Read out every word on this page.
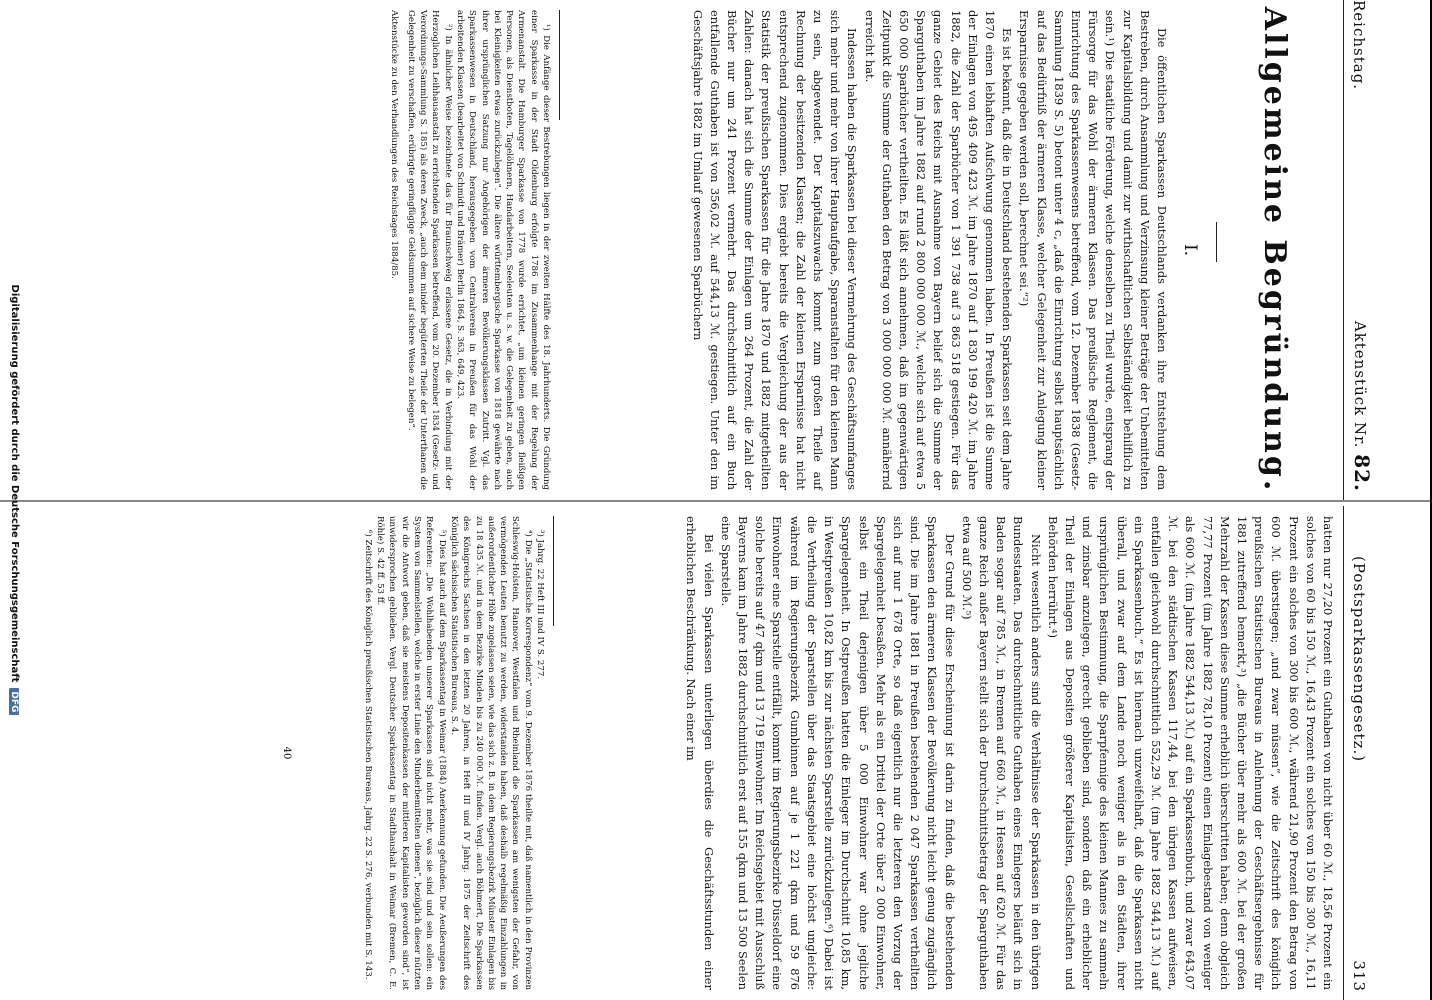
Reichstag.
Aktenstück Nr. 82.
Allgemeine Begründung.
I.

Die öffentlichen Sparkassen Deutschlands verdanken ihre Entstehung dem Bestreben, durch Ansammlung und Verzinsung kleiner Beträge der Unbemittelten zur Kapitalsbildung und damit zur wirthschaftlichen Selbständigkeit behilflich zu sein.¹) Die staatliche Förderung, welche denselben zu Theil wurde, entsprang der Fürsorge für das Wohl der ärmeren Klassen. Das preußische Reglement, die Einrichtung des Sparkassenwesens betreffend, vom 12. Dezember 1838 (Gesetz-Sammlung 1839 S. 5) betont unter 4 c, „daß die Einrichtung selbst hauptsächlich auf das Bedürfniß der ärmeren Klasse, welcher Gelegenheit zur Anlegung kleiner Ersparnisse gegeben werden soll, berechnet sei.“²)

Es ist bekannt, daß die in Deutschland bestehenden Sparkassen seit dem Jahre 1870 einen lebhaften Aufschwung genommen haben. In Preußen ist die Summe der Einlagen von 495 409 423 ℳ. im Jahre 1870 auf 1 830 199 420 ℳ. im Jahre 1882, die Zahl der Sparbücher von 1 391 738 auf 3 863 518 gestiegen. Für das ganze Gebiet des Reichs mit Ausnahme von Bayern belief sich die Summe der Sparguthaben im Jahre 1882 auf rund 2 800 000 000 ℳ., welche sich auf etwa 5 650 000 Sparbücher vertheilten. Es läßt sich annehmen, daß im gegenwärtigen Zeitpunkt die Summe der Guthaben den Betrag von 3 000 000 000 ℳ. annähernd erreicht hat.

Indessen haben die Sparkassen bei dieser Vermehrung des Geschäftsumfanges sich mehr und mehr von ihrer Hauptaufgabe, Sparanstalten für den kleinen Mann zu sein, abgewendet. Der Kapitalszuwachs kommt zum großen Theile auf Rechnung der besitzenden Klassen; die Zahl der kleinen Ersparnisse hat nicht entsprechend zugenommen. Dies ergiebt bereits die Vergleichung der aus der Statistik der preußischen Sparkassen für die Jahre 1870 und 1882 mitgetheilten Zahlen: danach hat sich die Summe der Einlagen um 264 Prozent, die Zahl der Bücher nur um 241 Prozent vermehrt. Das durchschnittlich auf ein Buch entfallende Guthaben ist von 356,02 ℳ. auf 544,13 ℳ. gestiegen. Unter den im Geschäftsjahre 1882 im Umlauf gewesenen Sparbüchern

¹) Die Anfänge dieser Bestrebungen liegen in der zweiten Hälfte des 18. Jahrhunderts. Die Gründung einer Sparkasse in der Stadt Oldenburg erfolgte 1786 im Zusammenhange mit der Regelung der Armenanstalt. Die Hamburger Sparkasse von 1778 wurde errichtet, „um kleinen geringen fleißigen Personen, als Dienstboten, Tagelöhnern, Handarbeitern, Seeleuten u. s. w. die Gelegenheit zu geben, auch bei Kleinigkeiten etwas zurückzulegen“. Die ältere württembergische Sparkasse von 1818 gewährte nach ihrer ursprünglichen Satzung nur Angehörigen der ärmeren Bevölkerungsklassen Zutritt. Vgl. das Sparkassenwesen in Deutschland, herausgegeben vom Centralverein in Preußen für das Wohl der arbeitenden Klassen (bearbeitet von Schmidt und Brämer) Berlin 1864, S. 363, 649, 423.

²) In ähnlicher Weise bezeichnete das für Braunschweig erlassene Gesetz, die in Verbindung mit der Herzoglichen Leihhausanstalt zu errichtenden Sparkassen betreffend, vom 20. Dezember 1834 (Gesetz- und Verordnungs-Sammlung S. 185) als deren Zweck, „auch dem minder begüterten Theile der Unterthanen die Gelegenheit zu verschaffen, erübrigte geringfügige Geldsummen auf sichere Weise zu belegen“.

Aktenstücke zu den Verhandlungen des Reichstages 1884/85.

(Postsparkassengesetz.)
313

hatten nur 27,20 Prozent ein Guthaben von nicht über 60 ℳ., 18,56 Prozent ein solches von 60 bis 150 ℳ., 16,43 Prozent ein solches von 150 bis 300 ℳ., 16,11 Prozent ein solches von 300 bis 600 ℳ., während 21,90 Prozent den Betrag von 600 ℳ. überstiegen; „und zwar müssen“, wie die Zeitschrift des königlich preußischen Statistischen Bureaus in Anlehnung der Geschäftsergebnisse für 1881 zutreffend bemerkt,³) „die Bücher über mehr als 600 ℳ. bei der großen Mehrzahl der Kassen diese Summe erheblich überschritten haben; denn obgleich 77,77 Prozent (im Jahre 1882 78,10 Prozent) einen Einlagebestand von weniger als 600 ℳ. (im Jahre 1882 544,13 ℳ.) auf ein Sparkassenbuch, und zwar 643,07 ℳ. bei den städtischen Kassen 117,44, bei den übrigen Kassen aufweisen, entfallen gleichwohl durchschnittlich 552,29 ℳ. (im Jahre 1882 544,13 ℳ.) auf ein Sparkassenbuch.“ Es ist hiernach unzweifelhaft, daß die Sparkassen nicht überall, und zwar auf dem Lande noch weniger als in den Städten, ihrer ursprünglichen Bestimmung, die Sparpfennige des kleinen Mannes zu sammeln und zinsbar anzulegen, gerecht geblieben sind, sondern daß ein erheblicher Theil der Einlagen aus Depositen größerer Kapitalisten, Gesellschaften und Behörden herrührt.⁴)

Nicht wesentlich anders sind die Verhältnisse der Sparkassen in den übrigen Bundesstaaten. Das durchschnittliche Guthaben eines Einlegers beläuft sich in Baden sogar auf 785 ℳ., in Bremen auf 660 ℳ., in Hessen auf 620 ℳ. Für das ganze Reich außer Bayern stellt sich der Durchschnittsbetrag der Sparguthaben etwa auf 500 ℳ.⁵)

Der Grund für diese Erscheinung ist darin zu finden, daß die bestehenden Sparkassen den ärmeren Klassen der Bevölkerung nicht leicht genug zugänglich sind. Die im Jahre 1881 in Preußen bestehenden 2 047 Sparkassen vertheilten sich auf nur 1 678 Orte, so daß eigentlich nur die letzteren den Vorzug der Spargelegenheit besaßen. Mehr als ein Drittel der Orte über 2 000 Einwohner, selbst ein Theil derjenigen über 5 000 Einwohner war ohne jegliche Spargelegenheit. In Ostpreußen hatten die Einleger im Durchschnitt 10,85 km, in Westpreußen 10,82 km bis zur nächsten Sparstelle zurückzulegen.⁶) Dabei ist die Vertheilung der Sparstellen über das Staatsgebiet eine höchst ungleiche: während im Regierungsbezirk Gumbinnen auf je 1 221 qkm und 59 876 Einwohner eine Sparstelle entfällt, kommt im Regierungsbezirke Düsseldorf eine solche bereits auf 47 qkm und 13 719 Einwohner. Im Reichsgebiet mit Ausschluß Bayerns kam im Jahre 1882 durchschnittlich erst auf 155 qkm und 13 500 Seelen eine Sparstelle.

Bei vielen Sparkassen unterliegen überdies die Geschäftsstunden einer erheblichen Beschränkung. Nach einer im

³) Jahrg. 22 Heft III und IV S. 277.

⁴) Die „Statistische Korrespondenz“ vom 9. Dezember 1876 theilte mit, daß namentlich in den Provinzen Schleswig-Holstein, Hannover, Westfalen und Rheinland die Sparkassen am wenigsten der Gefahr, von vermögenden Leuten benutzt zu werden, widerstanden haben, daß deshalb regelmäßig Einzahlungen in außerordentlicher Höhe zugelassen seien, wie das sich z. B. in dem Regierungsbezirk Münster Einlagen bis zu 18 435 ℳ. und in dem Bezirke Minden bis zu 240 000 ℳ. finden. Vergl. auch Böhmert, Die Sparkassen des Königreichs Sachsen in den letzten 20 Jahren, in Heft III und IV Jahrg. 1875 der Zeitschrift des Königlich sächsischen Statistischen Bureaus, S. 4.

⁵) Dies hat auch auf dem Sparkassentag in Weimar (1884) Anerkennung gefunden. Die Aeußerungen des Referenten: „Die Wohlhabenden unserer Sparkassen sind nicht mehr, was sie sind und sein sollen: ein System von Sammelstellen, welche in erster Linie den Minderbemittelten dienen“, bezüglich dieser nützten wir die Antwort geben, daß sie meistens Depositenkassen der mittleren Kapitalisten geworden sind“, ist unwidersprochen geblieben. Vergl. Deutscher Sparkassentag in Stadthaushalt in Weimar (Bremen, C. E. Röhle) S. 42 ff. 53 ff.

⁶) Zeitschrift des Königlich preußischen Statistischen Bureaus, Jahrg. 22 S. 276, verbunden mit S. 143.

40
Digitalisierung gefördert durch die Deutsche ForschungsgemeinschaftDFG
